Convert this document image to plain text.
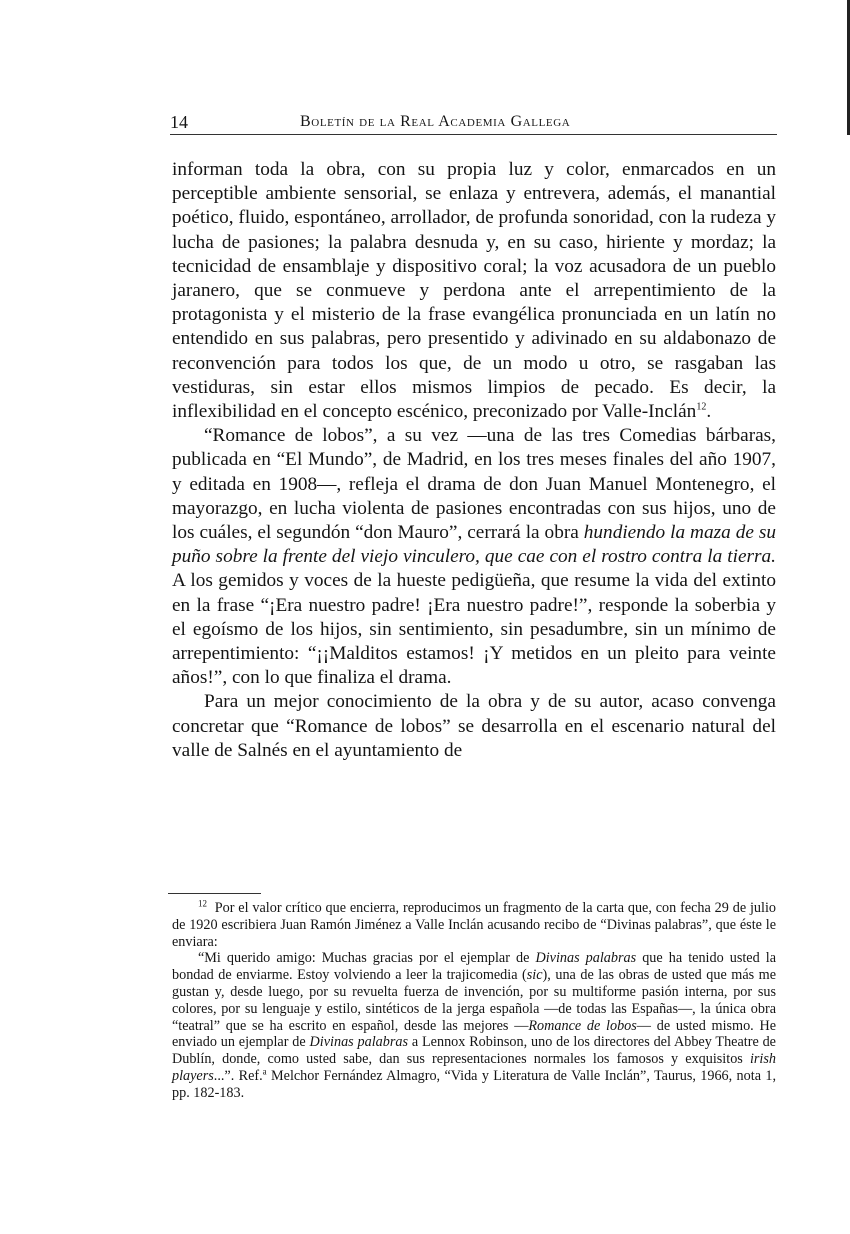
14	Boletín de la Real Academia Gallega

informan toda la obra, con su propia luz y color, enmarcados en un perceptible ambiente sensorial, se enlaza y entrevera, además, el manantial poético, fluido, espontáneo, arrollador, de profunda sonoridad, con la rudeza y lucha de pasiones; la palabra desnuda y, en su caso, hiriente y mordaz; la tecnicidad de ensamblaje y dispositivo coral; la voz acusadora de un pueblo jaranero, que se conmueve y perdona ante el arrepentimiento de la protagonista y el misterio de la frase evangélica pronunciada en un latín no entendido en sus palabras, pero presentido y adivinado en su aldabonazo de reconvención para todos los que, de un modo u otro, se rasgaban las vestiduras, sin estar ellos mismos limpios de pecado. Es decir, la inflexibilidad en el concepto escénico, preconizado por Valle-Inclán$^{12}$.

“Romance de lobos”, a su vez —una de las tres Comedias bárbaras, publicada en “El Mundo”, de Madrid, en los tres meses finales del año 1907, y editada en 1908—, refleja el drama de don Juan Manuel Montenegro, el mayorazgo, en lucha violenta de pasiones encontradas con sus hijos, uno de los cuáles, el segundón “don Mauro”, cerrará la obra hundiendo la maza de su puño sobre la frente del viejo vinculero, que cae con el rostro contra la tierra. A los gemidos y voces de la hueste pedigüeña, que resume la vida del extinto en la frase “¡Era nuestro padre! ¡Era nuestro padre!”, responde la soberbia y el egoísmo de los hijos, sin sentimiento, sin pesadumbre, sin un mínimo de arrepentimiento: “¡¡Malditos estamos! ¡Y metidos en un pleito para veinte años!”, con lo que finaliza el drama.

Para un mejor conocimiento de la obra y de su autor, acaso convenga concretar que “Romance de lobos” se desarrolla en el escenario natural del valle de Salnés en el ayuntamiento de

$^{12}$ Por el valor crítico que encierra, reproducimos un fragmento de la carta que, con fecha 29 de julio de 1920 escribiera Juan Ramón Jiménez a Valle Inclán acusando recibo de “Divinas palabras”, que éste le enviara:

“Mi querido amigo: Muchas gracias por el ejemplar de Divinas palabras que ha tenido usted la bondad de enviarme. Estoy volviendo a leer la trajicomedia (sic), una de las obras de usted que más me gustan y, desde luego, por su revuelta fuerza de invención, por su multiforme pasión interna, por sus colores, por su lenguaje y estilo, sintéticos de la jerga española —de todas las Españas—, la única obra “teatral” que se ha escrito en español, desde las mejores —Romance de lobos— de usted mismo. He enviado un ejemplar de Divinas palabras a Lennox Robinson, uno de los directores del Abbey Theatre de Dublín, donde, como usted sabe, dan sus representaciones normales los famosos y exquisitos irish players...”. Ref.$^a$ Melchor Fernández Almagro, “Vida y Literatura de Valle Inclán”, Taurus, 1966, nota 1, pp. 182-183.
